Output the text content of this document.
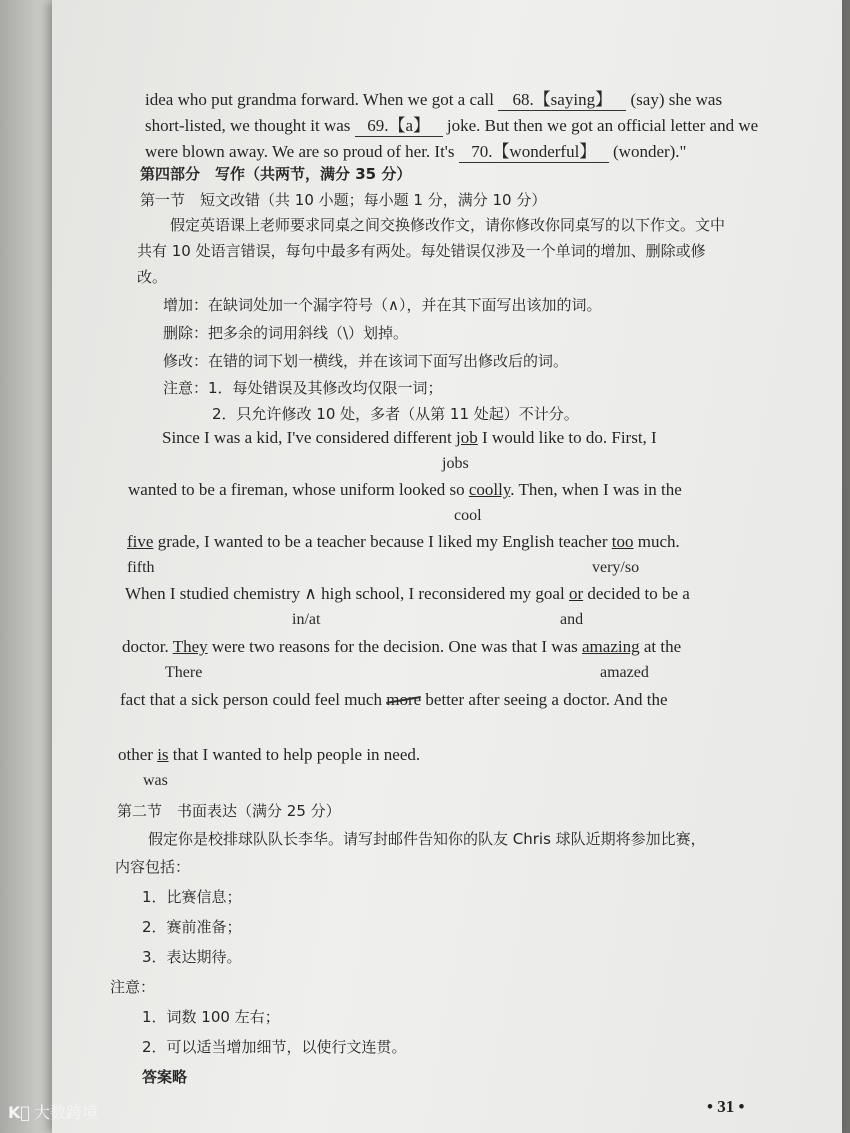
idea who put grandma forward. When we got a call 68.【saying】 (say) she was
short-listed, we thought it was 69.【a】 joke. But then we got an official letter and we
were blown away. We are so proud of her. It's 70.【wonderful】 (wonder)."
第四部分　写作（共两节，满分 35 分）
第一节　短文改错（共 10 小题；每小题 1 分，满分 10 分）
假定英语课上老师要求同桌之间交换修改作文，请你修改你同桌写的以下作文。文中
共有 10 处语言错误，每句中最多有两处。每处错误仅涉及一个单词的增加、删除或修
改。
增加：在缺词处加一个漏字符号（∧），并在其下面写出该加的词。
删除：把多余的词用斜线（\）划掉。
修改：在错的词下划一横线，并在该词下面写出修改后的词。
注意：1．每处错误及其修改均仅限一词；
2．只允许修改 10 处，多者（从第 11 处起）不计分。
Since I was a kid, I've considered different job I would like to do. First, I
jobs
wanted to be a fireman, whose uniform looked so coolly. Then, when I was in the
cool
five grade, I wanted to be a teacher because I liked my English teacher too much.
fifth	very/so
When I studied chemistry ∧ high school, I reconsidered my goal or decided to be a
in/at	and
doctor. They were two reasons for the decision. One was that I was amazing at the
There	amazed
fact that a sick person could feel much more better after seeing a doctor. And the
other is that I wanted to help people in need.
was
第二节　书面表达（满分 25 分）
假定你是校排球队队长李华。请写封邮件告知你的队友 Chris 球队近期将参加比赛，
内容包括：
1．比赛信息；
2．赛前准备；
3．表达期待。
注意：
1．词数 100 左右；
2．可以适当增加细节，以使行文连贯。
答案略
• 31 •
K⃝ 大数跨境
